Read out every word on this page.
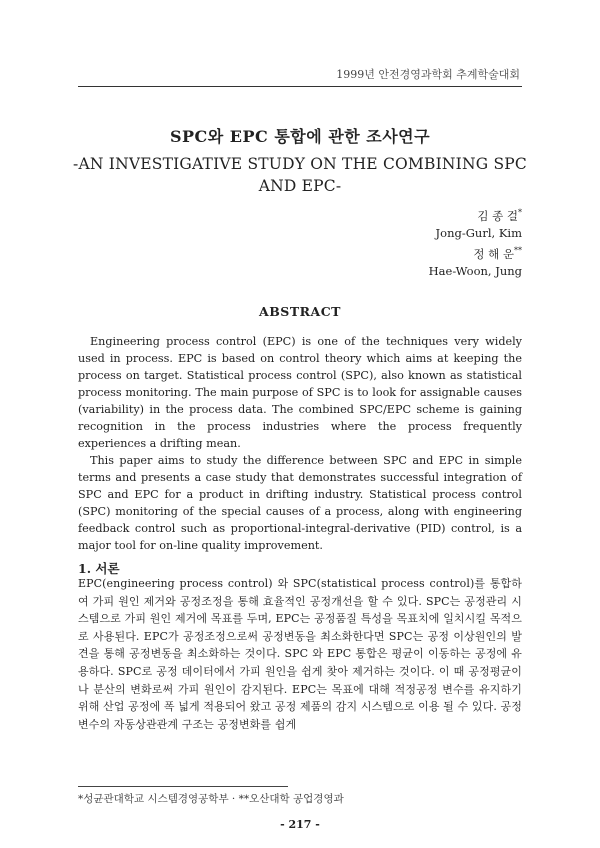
1999년 안전경영과학회 추계학술대회
SPC와 EPC 통합에 관한 조사연구
-AN INVESTIGATIVE STUDY ON THE COMBINING SPC
AND EPC-
김 종 걸*
Jong-Gurl, Kim
정 해 운**
Hae-Woon, Jung
ABSTRACT

Engineering process control (EPC) is one of the techniques very widely used in process. EPC is based on control theory which aims at keeping the process on target. Statistical process control (SPC), also known as statistical process monitoring. The main purpose of SPC is to look for assignable causes (variability) in the process data. The combined SPC/EPC scheme is gaining recognition in the process industries where the process frequently experiences a drifting mean.

This paper aims to study the difference between SPC and EPC in simple terms and presents a case study that demonstrates successful integration of SPC and EPC for a product in drifting industry. Statistical process control (SPC) monitoring of the special causes of a process, along with engineering feedback control such as proportional-integral-derivative (PID) control, is a major tool for on-line quality improvement.

1. 서론
EPC(engineering process control) 와 SPC(statistical process control)를 통합하여 가피 원인 제거와 공정조정을 통해 효율적인 공정개선을 할 수 있다. SPC는 공정관리 시스템으로 가피 원인 제거에 목표를 두며, EPC는 공정품질 특성을 목표치에 일치시킬 목적으로 사용된다. EPC가 공정조정으로써 공정변동을 최소화한다면 SPC는 공정 이상원인의 발견을 통해 공정변동을 최소화하는 것이다. SPC 와 EPC 통합은 평균이 이동하는 공정에 유용하다. SPC로 공정 데이터에서 가피 원인을 쉽게 찾아 제거하는 것이다. 이 때 공정평균이나 분산의 변화로써 가피 원인이 감지된다. EPC는 목표에 대해 적정공정 변수를 유지하기 위해 산업 공정에 폭 넓게 적용되어 왔고 공정 제품의 감지 시스템으로 이용 될 수 있다. 공정변수의 자동상관관계 구조는 공정변화를 쉽게
*성균관대학교 시스템경영공학부 · **오산대학 공업경영과
- 217 -
